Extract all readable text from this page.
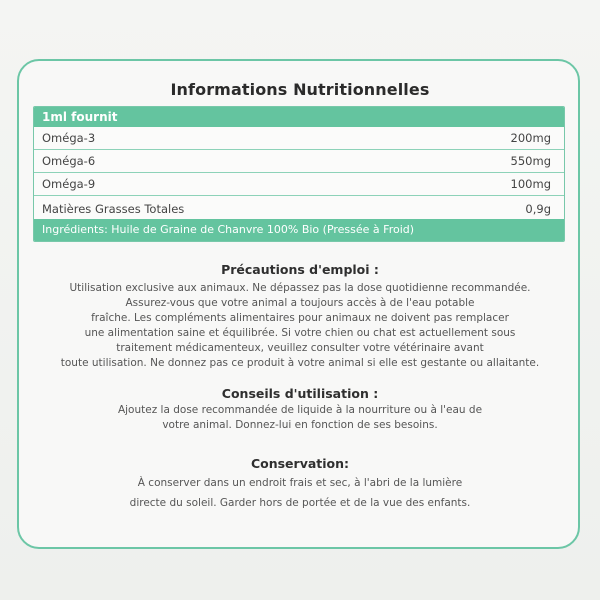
Informations Nutritionnelles
1ml fournit
Oméga-3	200mg
Oméga-6	550mg
Oméga-9	100mg
Matières Grasses Totales	0,9g
Ingrédients: Huile de Graine de Chanvre 100% Bio (Pressée à Froid)
Précautions d'emploi :
Utilisation exclusive aux animaux. Ne dépassez pas la dose quotidienne recommandée.
Assurez-vous que votre animal a toujours accès à de l'eau potable
fraîche. Les compléments alimentaires pour animaux ne doivent pas remplacer
une alimentation saine et équilibrée. Si votre chien ou chat est actuellement sous
traitement médicamenteux, veuillez consulter votre vétérinaire avant
toute utilisation. Ne donnez pas ce produit à votre animal si elle est gestante ou allaitante.
Conseils d'utilisation :
Ajoutez la dose recommandée de liquide à la nourriture ou à l'eau de
votre animal. Donnez-lui en fonction de ses besoins.
Conservation:
À conserver dans un endroit frais et sec, à l'abri de la lumière
directe du soleil. Garder hors de portée et de la vue des enfants.
